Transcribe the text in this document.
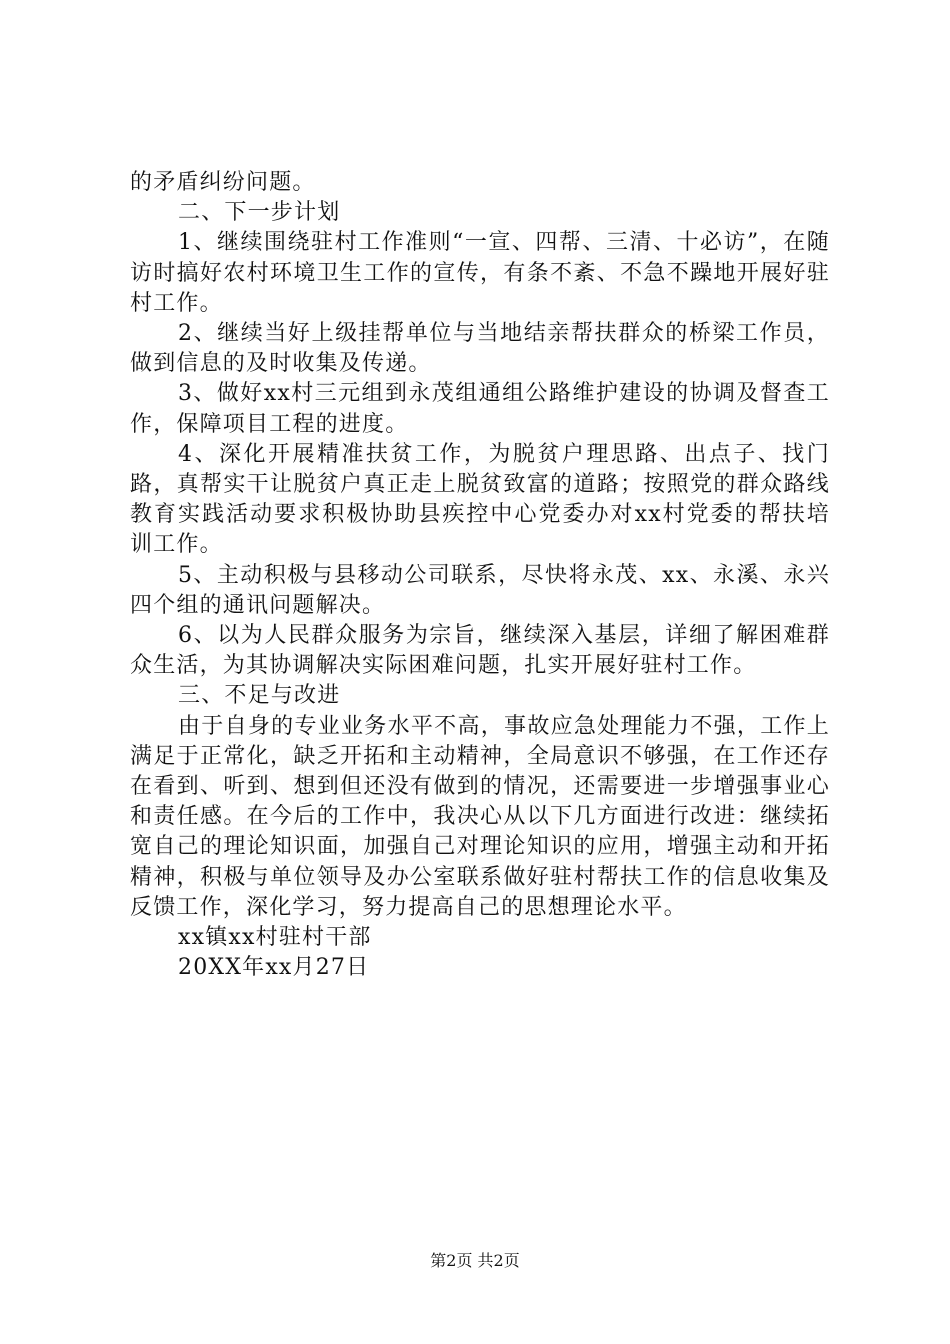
的矛盾纠纷问题。

二、下一步计划

1、继续围绕驻村工作准则“一宣、四帮、三清、十必访”，在随访时搞好农村环境卫生工作的宣传，有条不紊、不急不躁地开展好驻村工作。

2、继续当好上级挂帮单位与当地结亲帮扶群众的桥梁工作员，做到信息的及时收集及传递。

3、做好xx村三元组到永茂组通组公路维护建设的协调及督查工作，保障项目工程的进度。

4、深化开展精准扶贫工作，为脱贫户理思路、出点子、找门路，真帮实干让脱贫户真正走上脱贫致富的道路；按照党的群众路线教育实践活动要求积极协助县疾控中心党委办对xx村党委的帮扶培训工作。

5、主动积极与县移动公司联系，尽快将永茂、xx、永溪、永兴四个组的通讯问题解决。

6、以为人民群众服务为宗旨，继续深入基层，详细了解困难群众生活，为其协调解决实际困难问题，扎实开展好驻村工作。

三、不足与改进

由于自身的专业业务水平不高，事故应急处理能力不强，工作上满足于正常化，缺乏开拓和主动精神，全局意识不够强，在工作还存在看到、听到、想到但还没有做到的情况，还需要进一步增强事业心和责任感。在今后的工作中，我决心从以下几方面进行改进：继续拓宽自己的理论知识面，加强自己对理论知识的应用，增强主动和开拓精神，积极与单位领导及办公室联系做好驻村帮扶工作的信息收集及反馈工作，深化学习，努力提高自己的思想理论水平。

xx镇xx村驻村干部

20XX年xx月27日

第2页 共2页
